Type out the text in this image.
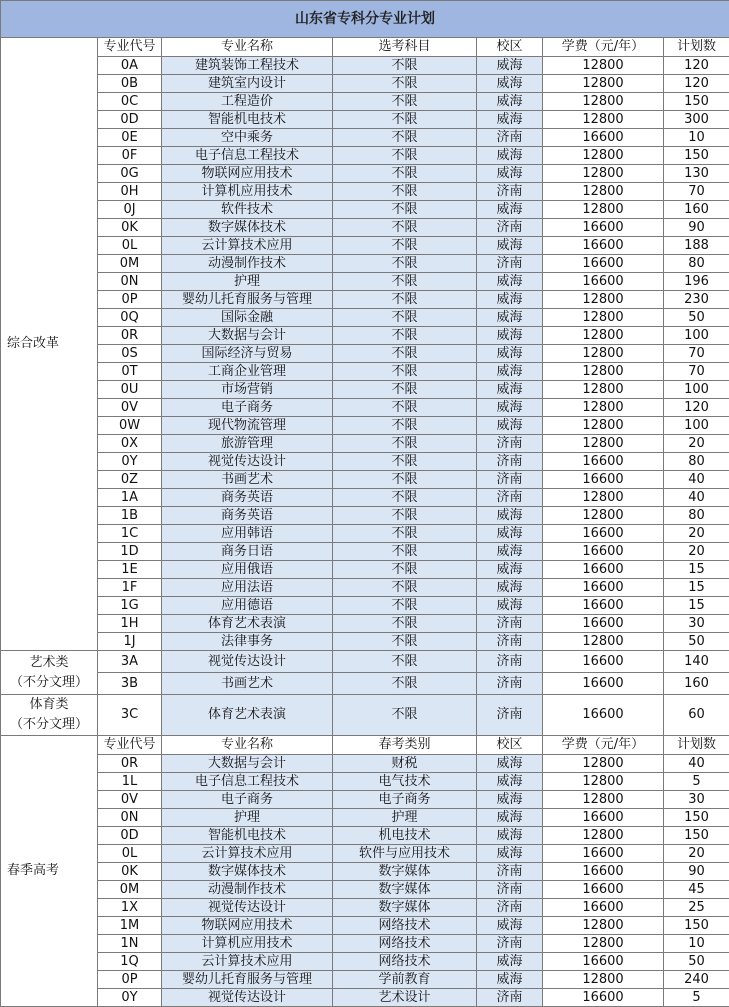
山东省专科分专业计划						

综合改革	专业代号	专业名称	选考科目	校区	学费（元/年）	计划数
	0A	建筑装饰工程技术	不限	威海	12800	120
	0B	建筑室内设计	不限	威海	12800	120
	0C	工程造价	不限	威海	12800	150
	0D	智能机电技术	不限	威海	12800	300
	0E	空中乘务	不限	济南	16600	10
	0F	电子信息工程技术	不限	威海	12800	150
	0G	物联网应用技术	不限	威海	12800	130
	0H	计算机应用技术	不限	济南	12800	70
	0J	软件技术	不限	威海	12800	160
	0K	数字媒体技术	不限	济南	16600	90
	0L	云计算技术应用	不限	威海	16600	188
	0M	动漫制作技术	不限	济南	16600	80
	0N	护理	不限	威海	16600	196
	0P	婴幼儿托育服务与管理	不限	威海	12800	230
	0Q	国际金融	不限	威海	12800	50
	0R	大数据与会计	不限	威海	12800	100
	0S	国际经济与贸易	不限	威海	12800	70
	0T	工商企业管理	不限	威海	12800	70
	0U	市场营销	不限	威海	12800	100
	0V	电子商务	不限	威海	12800	120
	0W	现代物流管理	不限	威海	12800	100
	0X	旅游管理	不限	济南	12800	20
	0Y	视觉传达设计	不限	济南	16600	80
	0Z	书画艺术	不限	济南	16600	40
	1A	商务英语	不限	济南	12800	40
	1B	商务英语	不限	威海	12800	80
	1C	应用韩语	不限	威海	16600	20
	1D	商务日语	不限	威海	16600	20
	1E	应用俄语	不限	威海	16600	15
	1F	应用法语	不限	威海	16600	15
	1G	应用德语	不限	威海	16600	15
	1H	体育艺术表演	不限	济南	16600	30
	1J	法律事务	不限	济南	12800	50

艺术类
（不分文理）	3A	视觉传达设计	不限	济南	16600	140
	3B	书画艺术	不限	济南	16600	160

体育类
（不分文理）	3C	体育艺术表演	不限	济南	16600	60

春季高考	专业代号	专业名称	春考类别	校区	学费（元/年）	计划数
	0R	大数据与会计	财税	威海	12800	40
	1L	电子信息工程技术	电气技术	威海	12800	5
	0V	电子商务	电子商务	威海	12800	30
	0N	护理	护理	威海	16600	150
	0D	智能机电技术	机电技术	威海	12800	150
	0L	云计算技术应用	软件与应用技术	威海	16600	20
	0K	数字媒体技术	数字媒体	济南	16600	90
	0M	动漫制作技术	数字媒体	济南	16600	45
	1X	视觉传达设计	数字媒体	济南	16600	25
	1M	物联网应用技术	网络技术	威海	12800	150
	1N	计算机应用技术	网络技术	济南	12800	10
	1Q	云计算技术应用	网络技术	威海	16600	50
	0P	婴幼儿托育服务与管理	学前教育	威海	12800	240
	0Y	视觉传达设计	艺术设计	济南	16600	5
